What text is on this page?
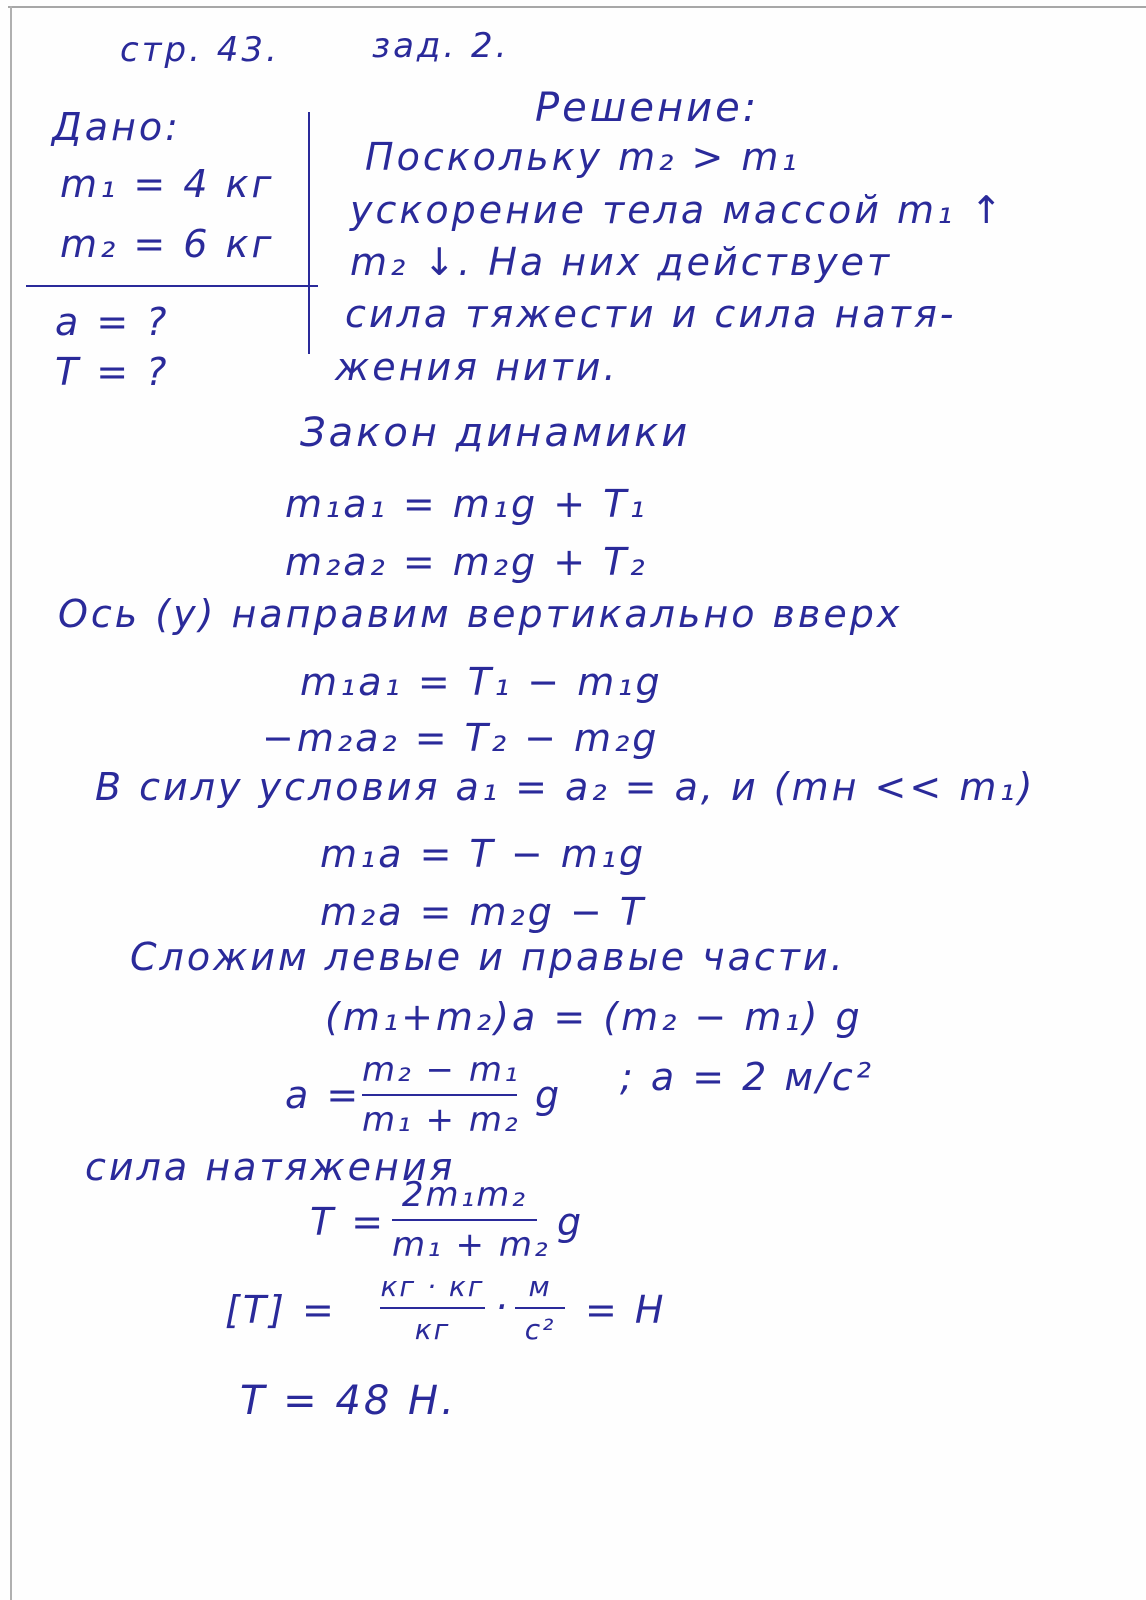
стр. 43.	зад. 2.
Дано:
m₁ = 4 кг
m₂ = 6 кг
a = ?
T = ?
Решение:
Поскольку m₂ > m₁
ускорение тела массой m₁ ↑
m₂ ↓. На них действует
сила тяжести и сила натя-
жения нити.
Закон динамики
m₁a₁ = m₁g + T₁
m₂a₂ = m₂g + T₂
Ось (y) направим вертикально вверх
m₁a₁ = T₁ − m₁g
−m₂a₂ = T₂ − m₂g
В силу условия a₁ = a₂ = a, и (mн << m₁)
m₁a = T − m₁g
m₂a = m₂g − T
Сложим левые и правые части.
(m₁+m₂)a = (m₂ − m₁) g
a =
m₂ − m₁
m₁ + m₂
g ; a = 2 м/с²
сила натяжения
T =
2m₁m₂
m₁ + m₂
g
[T] =
кг · кг
кг
· м
с² = Н
T = 48 Н.
